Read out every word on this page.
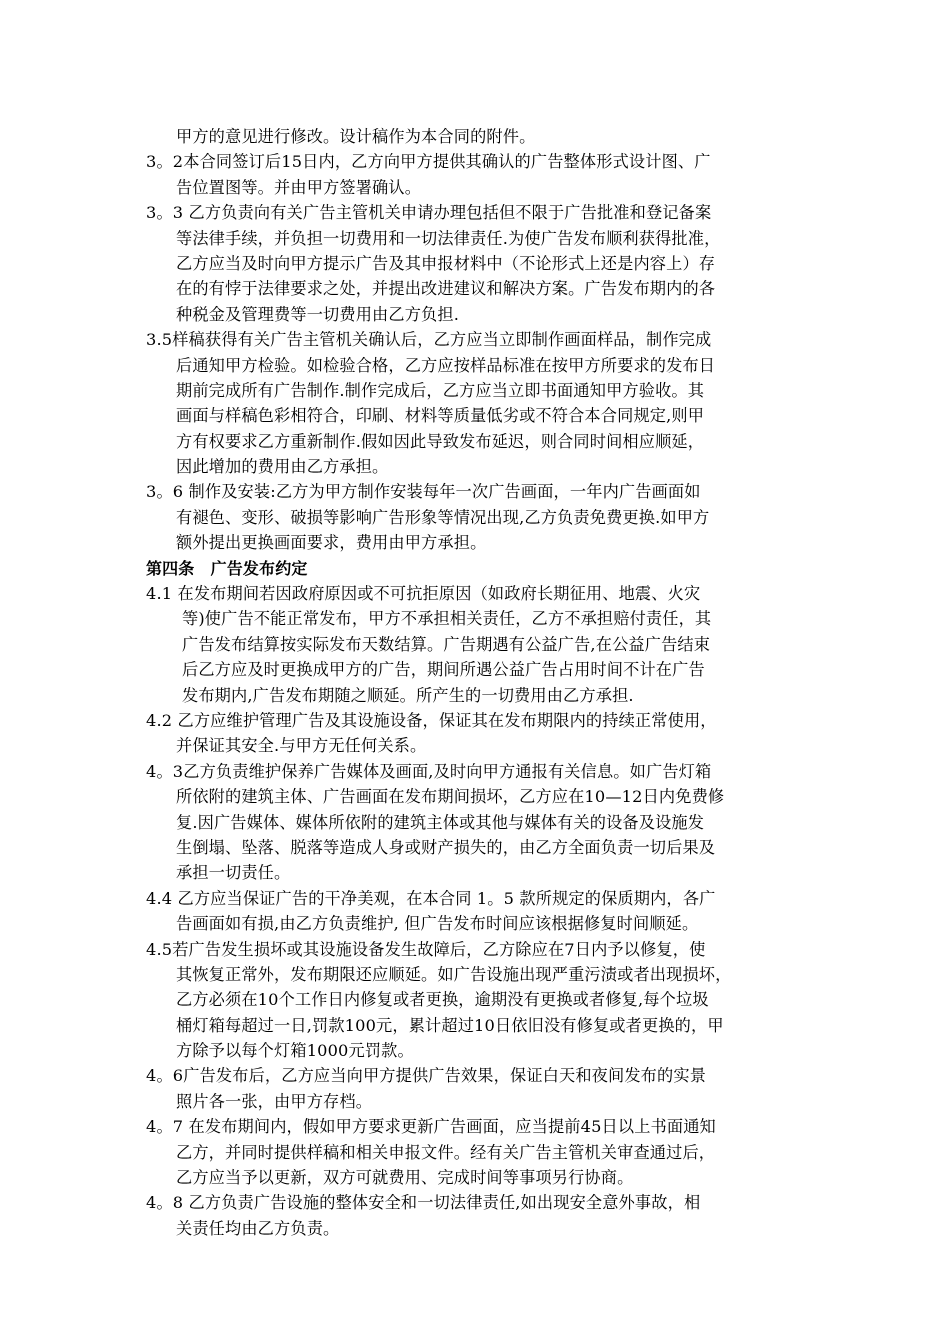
甲方的意见进行修改。设计稿作为本合同的附件。
3。2本合同签订后15日内，乙方向甲方提供其确认的广告整体形式设计图、广
告位置图等。并由甲方签署确认。
3。3 乙方负责向有关广告主管机关申请办理包括但不限于广告批准和登记备案
等法律手续，并负担一切费用和一切法律责任.为使广告发布顺利获得批准，
乙方应当及时向甲方提示广告及其申报材料中（不论形式上还是内容上）存
在的有悖于法律要求之处，并提出改进建议和解决方案。广告发布期内的各
种税金及管理费等一切费用由乙方负担.
3.5样稿获得有关广告主管机关确认后，乙方应当立即制作画面样品，制作完成
后通知甲方检验。如检验合格，乙方应按样品标准在按甲方所要求的发布日
期前完成所有广告制作.制作完成后，乙方应当立即书面通知甲方验收。其
画面与样稿色彩相符合，印刷、材料等质量低劣或不符合本合同规定,则甲
方有权要求乙方重新制作.假如因此导致发布延迟，则合同时间相应顺延，
因此增加的费用由乙方承担。
3。6 制作及安装:乙方为甲方制作安装每年一次广告画面，一年内广告画面如
有褪色、变形、破损等影响广告形象等情况出现,乙方负责免费更换.如甲方
额外提出更换画面要求，费用由甲方承担。
第四条　广告发布约定
4.1 在发布期间若因政府原因或不可抗拒原因（如政府长期征用、地震、火灾
等)使广告不能正常发布，甲方不承担相关责任，乙方不承担赔付责任，其
广告发布结算按实际发布天数结算。广告期遇有公益广告,在公益广告结束
后乙方应及时更换成甲方的广告，期间所遇公益广告占用时间不计在广告
发布期内,广告发布期随之顺延。所产生的一切费用由乙方承担.
4.2 乙方应维护管理广告及其设施设备，保证其在发布期限内的持续正常使用，
并保证其安全.与甲方无任何关系。
4。3乙方负责维护保养广告媒体及画面,及时向甲方通报有关信息。如广告灯箱
所依附的建筑主体、广告画面在发布期间损坏，乙方应在10—12日内免费修
复.因广告媒体、媒体所依附的建筑主体或其他与媒体有关的设备及设施发
生倒塌、坠落、脱落等造成人身或财产损失的，由乙方全面负责一切后果及
承担一切责任。
4.4 乙方应当保证广告的干净美观，在本合同 1。5 款所规定的保质期内，各广
告画面如有损,由乙方负责维护, 但广告发布时间应该根据修复时间顺延。
4.5若广告发生损坏或其设施设备发生故障后，乙方除应在7日内予以修复，使
其恢复正常外，发布期限还应顺延。如广告设施出现严重污渍或者出现损坏，
乙方必须在10个工作日内修复或者更换，逾期没有更换或者修复,每个垃圾
桶灯箱每超过一日,罚款100元，累计超过10日依旧没有修复或者更换的，甲
方除予以每个灯箱1000元罚款。
4。6广告发布后，乙方应当向甲方提供广告效果，保证白天和夜间发布的实景
照片各一张，由甲方存档。
4。7 在发布期间内，假如甲方要求更新广告画面，应当提前45日以上书面通知
乙方，并同时提供样稿和相关申报文件。经有关广告主管机关审查通过后，
乙方应当予以更新，双方可就费用、完成时间等事项另行协商。
4。8 乙方负责广告设施的整体安全和一切法律责任,如出现安全意外事故，相
关责任均由乙方负责。
